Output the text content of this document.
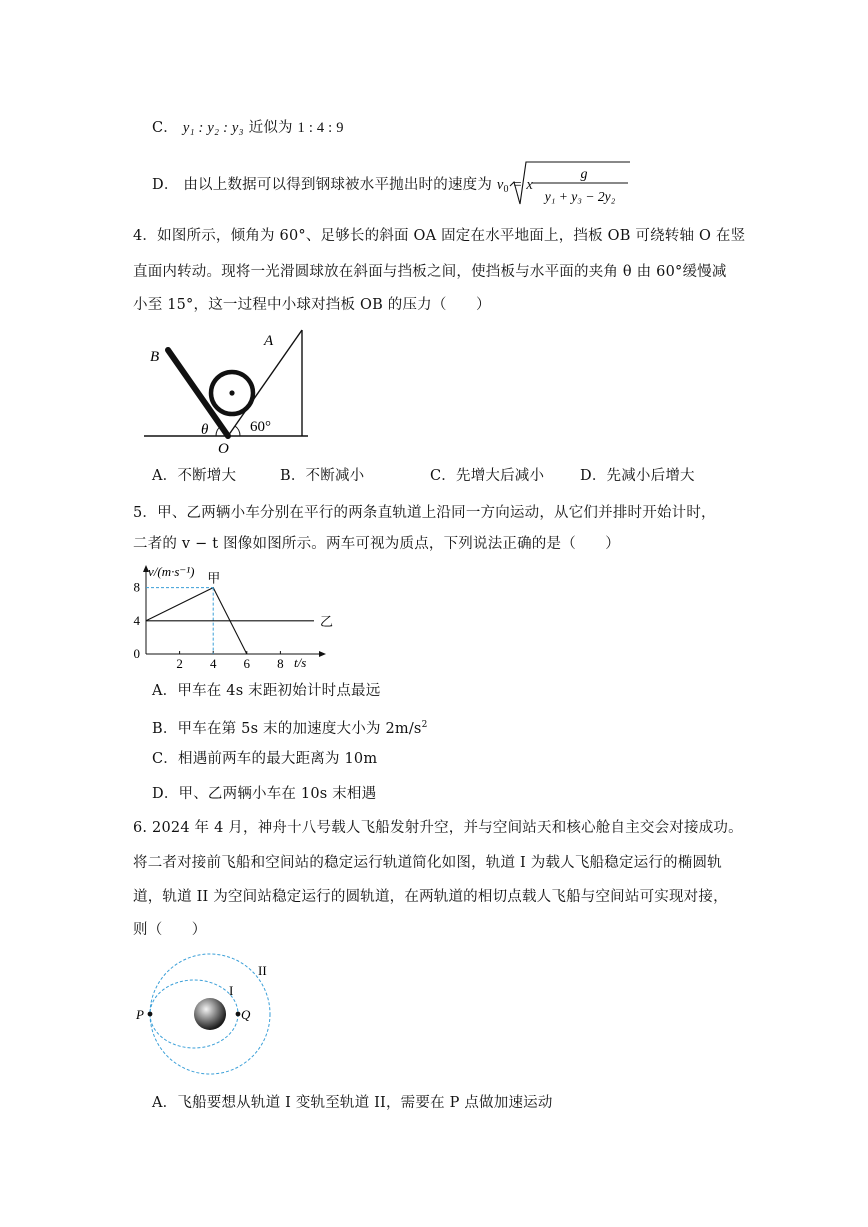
C． y₁ : y₂ : y₃ 近似为 1 : 4 : 9
D． 由以上数据可以得到钢球被水平抛出时的速度为 $v_0 = x$
g
y₁ + y₃ − 2y₂
4．如图所示，倾角为 60°、足够长的斜面 OA 固定在水平地面上，挡板 OB 可绕转轴 O 在竖
直面内转动。现将一光滑圆球放在斜面与挡板之间，使挡板与水平面的夹角 θ 由 60°缓慢减
小至 15°，这一过程中小球对挡板 OB 的压力（　　）
B
A
O
θ	60°
A．不断增大	B．不断减小	C．先增大后减小 D．先减小后增大
5．甲、乙两辆小车分别在平行的两条直轨道上沿同一方向运动，从它们并排时开始计时，
二者的 v − t 图像如图所示。两车可视为质点，下列说法正确的是（　　）
2 4 6 8
0
4
8
甲
乙
v/(m·s⁻¹)
t/s
A．甲车在 4s 末距初始计时点最远
B．甲车在第 5s 末的加速度大小为 $2m/s^2$
C．相遇前两车的最大距离为 10m
D．甲、乙两辆小车在 10s 末相遇
6. 2024 年 4 月，神舟十八号载人飞船发射升空，并与空间站天和核心舱自主交会对接成功。
将二者对接前飞船和空间站的稳定运行轨道简化如图，轨道 I 为载人飞船稳定运行的椭圆轨
道，轨道 II 为空间站稳定运行的圆轨道，在两轨道的相切点载人飞船与空间站可实现对接，
则（　　）
II
I
P	Q
A．飞船要想从轨道 I 变轨至轨道 II，需要在 P 点做加速运动
